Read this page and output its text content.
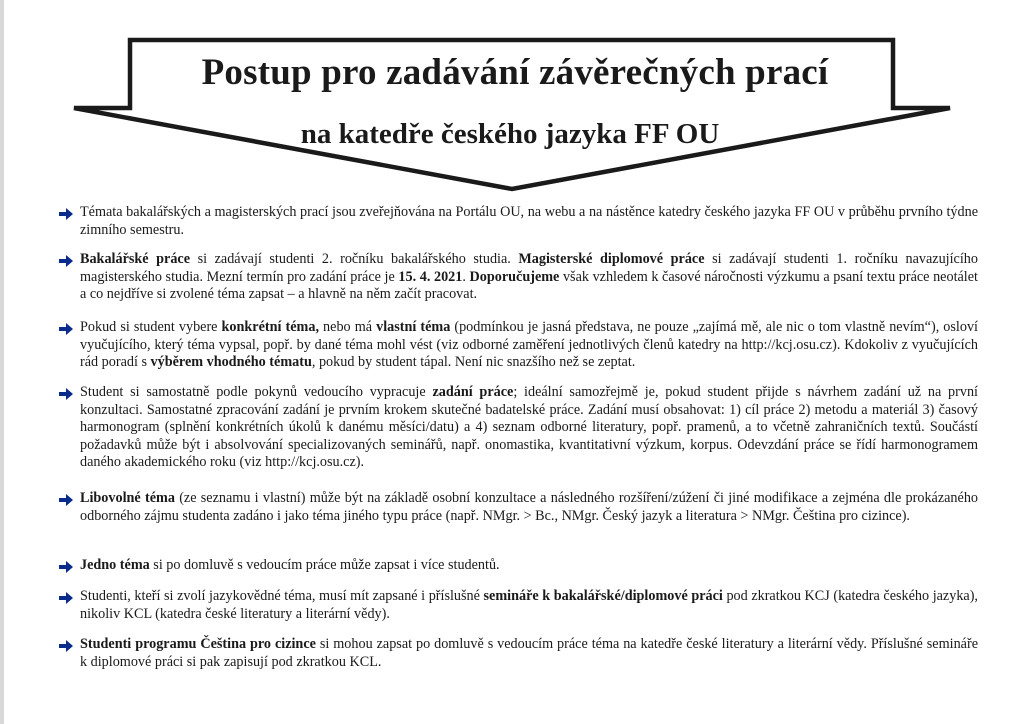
Postup pro zadávání závěrečných prací
na katedře českého jazyka FF OU
Témata bakalářských a magisterských prací jsou zveřejňována na Portálu OU, na webu a na nástěnce katedry českého jazyka FF OU v průběhu prvního týdne zimního semestru.
Bakalářské práce si zadávají studenti 2. ročníku bakalářského studia. Magisterské diplomové práce si zadávají studenti 1. ročníku navazujícího magisterského studia. Mezní termín pro zadání práce je 15. 4. 2021. Doporučujeme však vzhledem k časové náročnosti výzkumu a psaní textu práce neotálet a co nejdříve si zvolené téma zapsat – a hlavně na něm začít pracovat.
Pokud si student vybere konkrétní téma, nebo má vlastní téma (podmínkou je jasná představa, ne pouze „zajímá mě, ale nic o tom vlastně nevím“), osloví vyučujícího, který téma vypsal, popř. by dané téma mohl vést (viz odborné zaměření jednotlivých členů katedry na http://kcj.osu.cz). Kdokoliv z vyučujících rád poradí s výběrem vhodného tématu, pokud by student tápal. Není nic snazšího než se zeptat.
Student si samostatně podle pokynů vedoucího vypracuje zadání práce; ideální samozřejmě je, pokud student přijde s návrhem zadání už na první konzultaci. Samostatné zpracování zadání je prvním krokem skutečné badatelské práce. Zadání musí obsahovat: 1) cíl práce 2) metodu a materiál 3) časový harmonogram (splnění konkrétních úkolů k danému měsíci/datu) a 4) seznam odborné literatury, popř. pramenů, a to včetně zahraničních textů. Součástí požadavků může být i absolvování specializovaných seminářů, např. onomastika, kvantitativní výzkum, korpus. Odevzdání práce se řídí harmonogramem daného akademického roku (viz http://kcj.osu.cz).
Libovolné téma (ze seznamu i vlastní) může být na základě osobní konzultace a následného rozšíření/zúžení či jiné modifikace a zejména dle prokázaného odborného zájmu studenta zadáno i jako téma jiného typu práce (např. NMgr. > Bc., NMgr. Český jazyk a literatura > NMgr. Čeština pro cizince).
Jedno téma si po domluvě s vedoucím práce může zapsat i více studentů.
Studenti, kteří si zvolí jazykovědné téma, musí mít zapsané i příslušné semináře k bakalářské/diplomové práci pod zkratkou KCJ (katedra českého jazyka), nikoliv KCL (katedra české literatury a literární vědy).
Studenti programu Čeština pro cizince si mohou zapsat po domluvě s vedoucím práce téma na katedře české literatury a literární vědy. Příslušné semináře k diplomové práci si pak zapisují pod zkratkou KCL.
